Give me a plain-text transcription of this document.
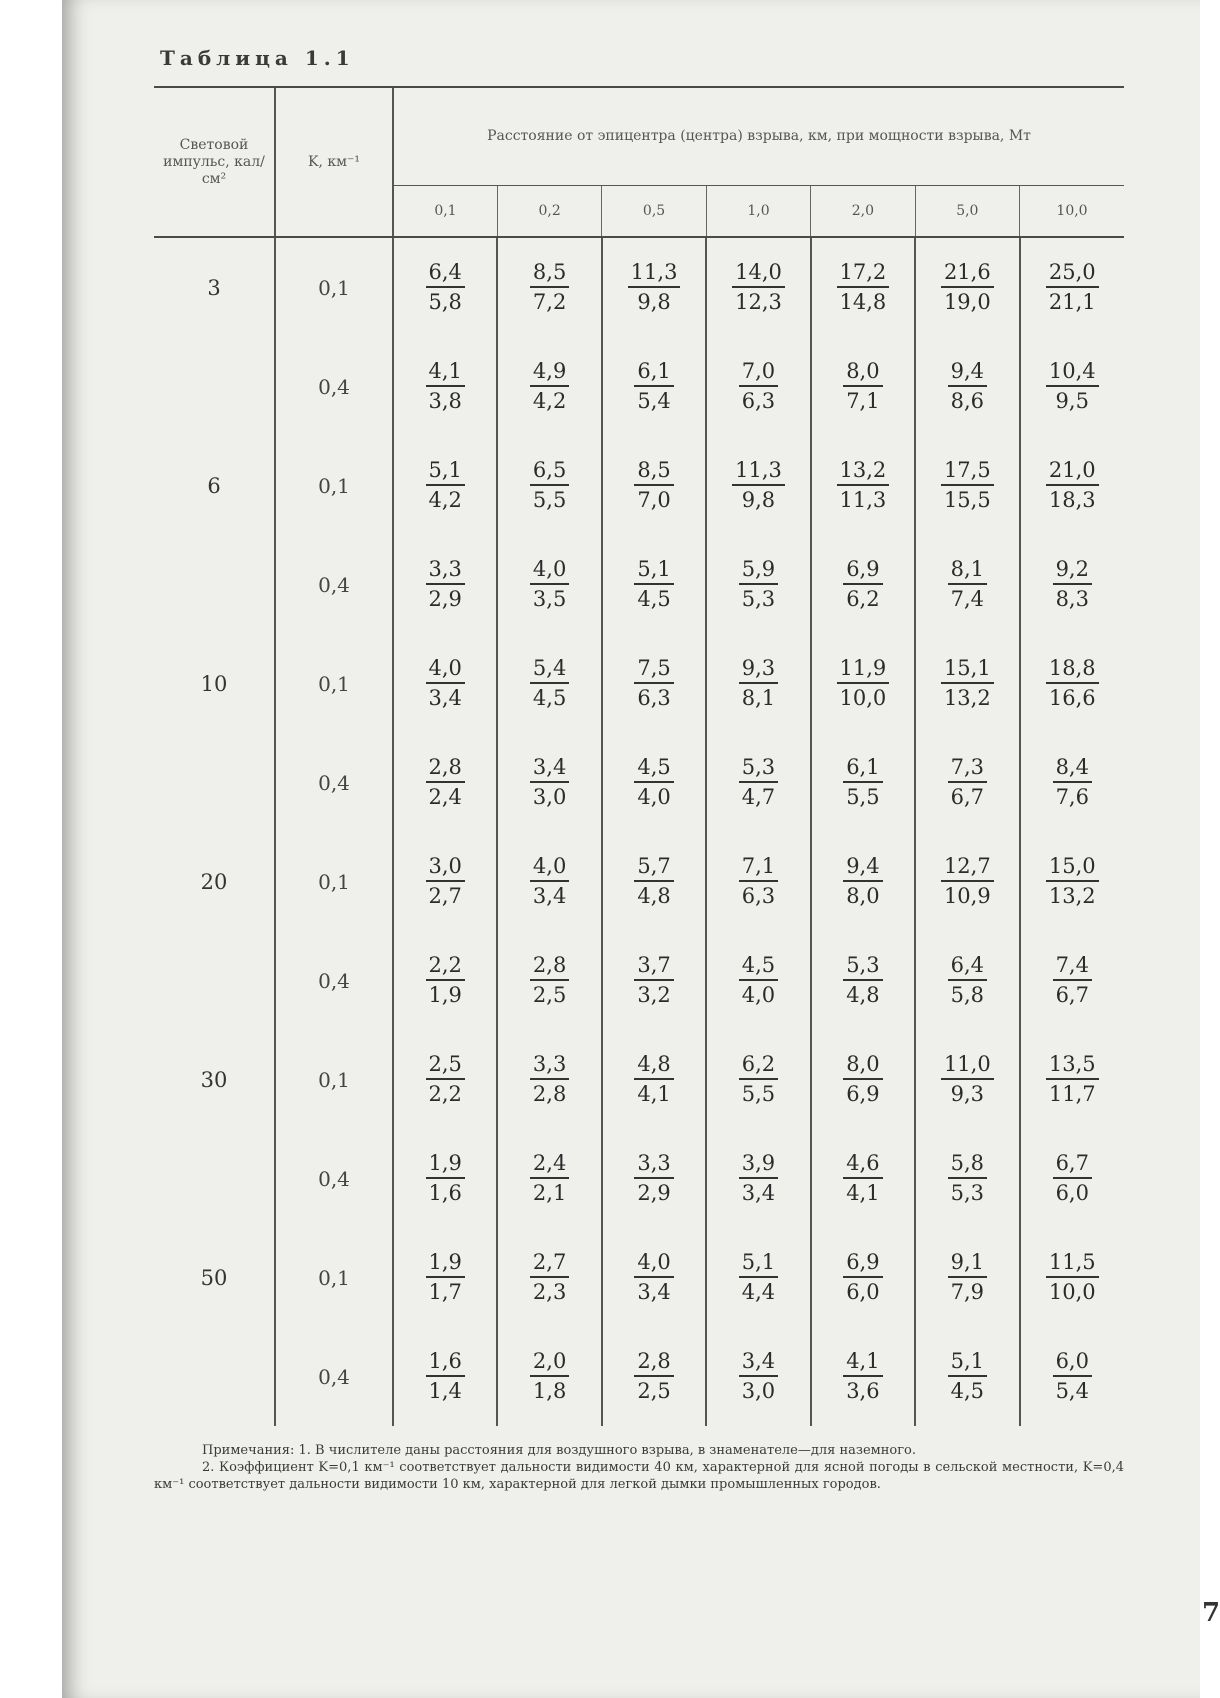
Таблица 1.1
Световой импульс, кал/см²	K, км⁻¹	Расстояние от эпицентра (центра) взрыва, км, при мощности взрыва, Мт						
		0,1	0,2	0,5	1,0	2,0	5,0	10,0
3	0,1	$\frac{6,4}{5,8}$	$\frac{8,5}{7,2}$	$\frac{11,3}{9,8}$	$\frac{14,0}{12,3}$	$\frac{17,2}{14,8}$	$\frac{21,6}{19,0}$	$\frac{25,0}{21,1}$

	0,4	$\frac{4,1}{3,8}$	$\frac{4,9}{4,2}$	$\frac{6,1}{5,4}$	$\frac{7,0}{6,3}$	$\frac{8,0}{7,1}$	$\frac{9,4}{8,6}$	$\frac{10,4}{9,5}$

6	0,1	$\frac{5,1}{4,2}$	$\frac{6,5}{5,5}$	$\frac{8,5}{7,0}$	$\frac{11,3}{9,8}$	$\frac{13,2}{11,3}$	$\frac{17,5}{15,5}$	$\frac{21,0}{18,3}$

	0,4	$\frac{3,3}{2,9}$	$\frac{4,0}{3,5}$	$\frac{5,1}{4,5}$	$\frac{5,9}{5,3}$	$\frac{6,9}{6,2}$	$\frac{8,1}{7,4}$	$\frac{9,2}{8,3}$

10	0,1	$\frac{4,0}{3,4}$	$\frac{5,4}{4,5}$	$\frac{7,5}{6,3}$	$\frac{9,3}{8,1}$	$\frac{11,9}{10,0}$	$\frac{15,1}{13,2}$	$\frac{18,8}{16,6}$

	0,4	$\frac{2,8}{2,4}$	$\frac{3,4}{3,0}$	$\frac{4,5}{4,0}$	$\frac{5,3}{4,7}$	$\frac{6,1}{5,5}$	$\frac{7,3}{6,7}$	$\frac{8,4}{7,6}$

20	0,1	$\frac{3,0}{2,7}$	$\frac{4,0}{3,4}$	$\frac{5,7}{4,8}$	$\frac{7,1}{6,3}$	$\frac{9,4}{8,0}$	$\frac{12,7}{10,9}$	$\frac{15,0}{13,2}$

	0,4	$\frac{2,2}{1,9}$	$\frac{2,8}{2,5}$	$\frac{3,7}{3,2}$	$\frac{4,5}{4,0}$	$\frac{5,3}{4,8}$	$\frac{6,4}{5,8}$	$\frac{7,4}{6,7}$

30	0,1	$\frac{2,5}{2,2}$	$\frac{3,3}{2,8}$	$\frac{4,8}{4,1}$	$\frac{6,2}{5,5}$	$\frac{8,0}{6,9}$	$\frac{11,0}{9,3}$	$\frac{13,5}{11,7}$

	0,4	$\frac{1,9}{1,6}$	$\frac{2,4}{2,1}$	$\frac{3,3}{2,9}$	$\frac{3,9}{3,4}$	$\frac{4,6}{4,1}$	$\frac{5,8}{5,3}$	$\frac{6,7}{6,0}$

50	0,1	$\frac{1,9}{1,7}$	$\frac{2,7}{2,3}$	$\frac{4,0}{3,4}$	$\frac{5,1}{4,4}$	$\frac{6,9}{6,0}$	$\frac{9,1}{7,9}$	$\frac{11,5}{10,0}$

	0,4	$\frac{1,6}{1,4}$	$\frac{2,0}{1,8}$	$\frac{2,8}{2,5}$	$\frac{3,4}{3,0}$	$\frac{4,1}{3,6}$	$\frac{5,1}{4,5}$	$\frac{6,0}{5,4}$

Примечания: 1. В числителе даны расстояния для воздушного взрыва, в знаменателе—для наземного.

2. Коэффициент K=0,1 км⁻¹ соответствует дальности видимости 40 км, характерной для ясной погоды в сельской местности, K=0,4 км⁻¹ соответствует дальности видимости 10 км, характерной для легкой дымки промышленных городов.

7
